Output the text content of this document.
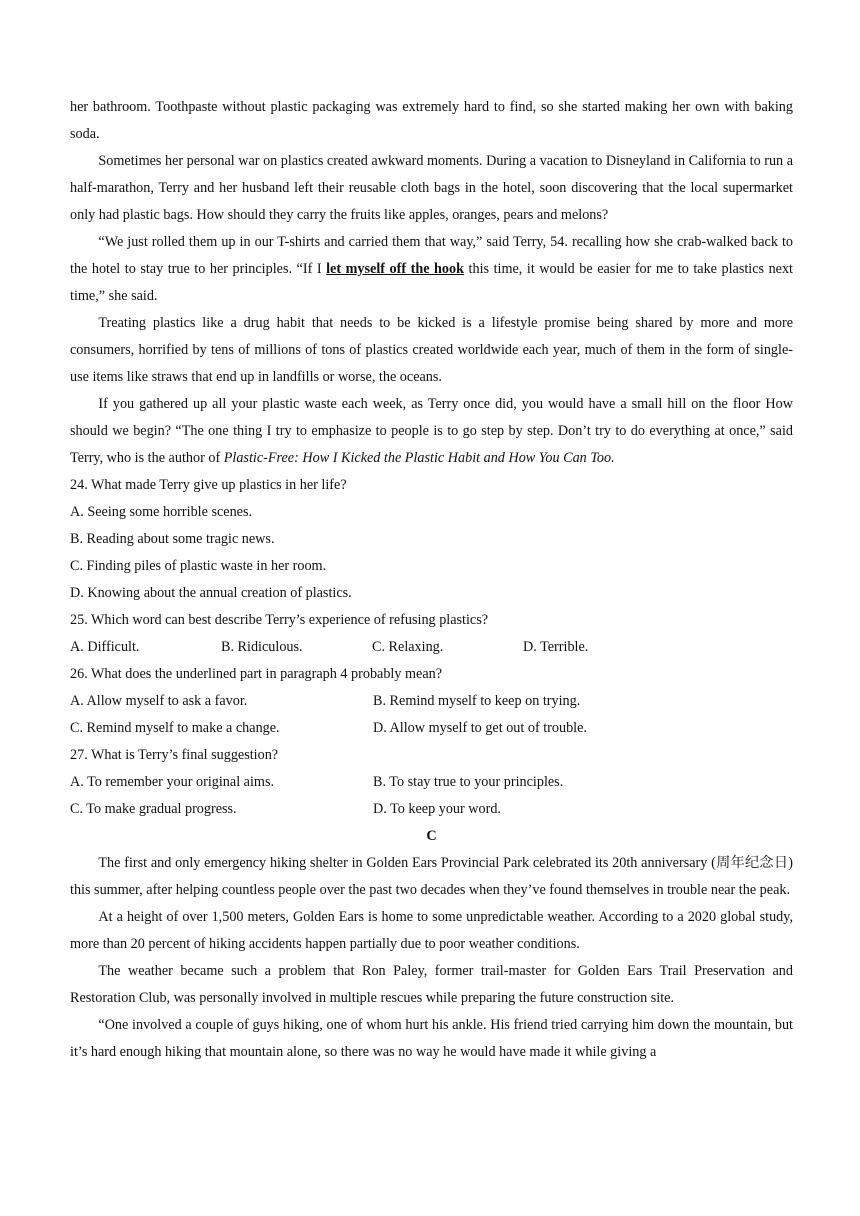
her bathroom. Toothpaste without plastic packaging was extremely hard to find, so she started making her own with baking soda.

Sometimes her personal war on plastics created awkward moments. During a vacation to Disneyland in California to run a half-marathon, Terry and her husband left their reusable cloth bags in the hotel, soon discovering that the local supermarket only had plastic bags. How should they carry the fruits like apples, oranges, pears and melons?

“We just rolled them up in our T-shirts and carried them that way,” said Terry, 54. recalling how she crab-walked back to the hotel to stay true to her principles. “If I let myself off the hook this time, it would be easier for me to take plastics next time,” she said.

Treating plastics like a drug habit that needs to be kicked is a lifestyle promise being shared by more and more consumers, horrified by tens of millions of tons of plastics created worldwide each year, much of them in the form of single-use items like straws that end up in landfills or worse, the oceans.

If you gathered up all your plastic waste each week, as Terry once did, you would have a small hill on the floor How should we begin? “The one thing I try to emphasize to people is to go step by step. Don’t try to do everything at once,” said Terry, who is the author of Plastic-Free: How I Kicked the Plastic Habit and How You Can Too.

24. What made Terry give up plastics in her life?
A. Seeing some horrible scenes.
B. Reading about some tragic news.
C. Finding piles of plastic waste in her room.
D. Knowing about the annual creation of plastics.
25. Which word can best describe Terry’s experience of refusing plastics?
A. Difficult.	B. Ridiculous.	C. Relaxing.	D. Terrible.
26. What does the underlined part in paragraph 4 probably mean?
A. Allow myself to ask a favor.	B. Remind myself to keep on trying.
C. Remind myself to make a change.	D. Allow myself to get out of trouble.
27. What is Terry’s final suggestion?
A. To remember your original aims.	B. To stay true to your principles.
C. To make gradual progress.	D. To keep your word.
C

The first and only emergency hiking shelter in Golden Ears Provincial Park celebrated its 20th anniversary (周年纪念日) this summer, after helping countless people over the past two decades when they’ve found themselves in trouble near the peak.

At a height of over 1,500 meters, Golden Ears is home to some unpredictable weather. According to a 2020 global study, more than 20 percent of hiking accidents happen partially due to poor weather conditions.

The weather became such a problem that Ron Paley, former trail-master for Golden Ears Trail Preservation and Restoration Club, was personally involved in multiple rescues while preparing the future construction site.

“One involved a couple of guys hiking, one of whom hurt his ankle. His friend tried carrying him down the mountain, but it’s hard enough hiking that mountain alone, so there was no way he would have made it while giving a
